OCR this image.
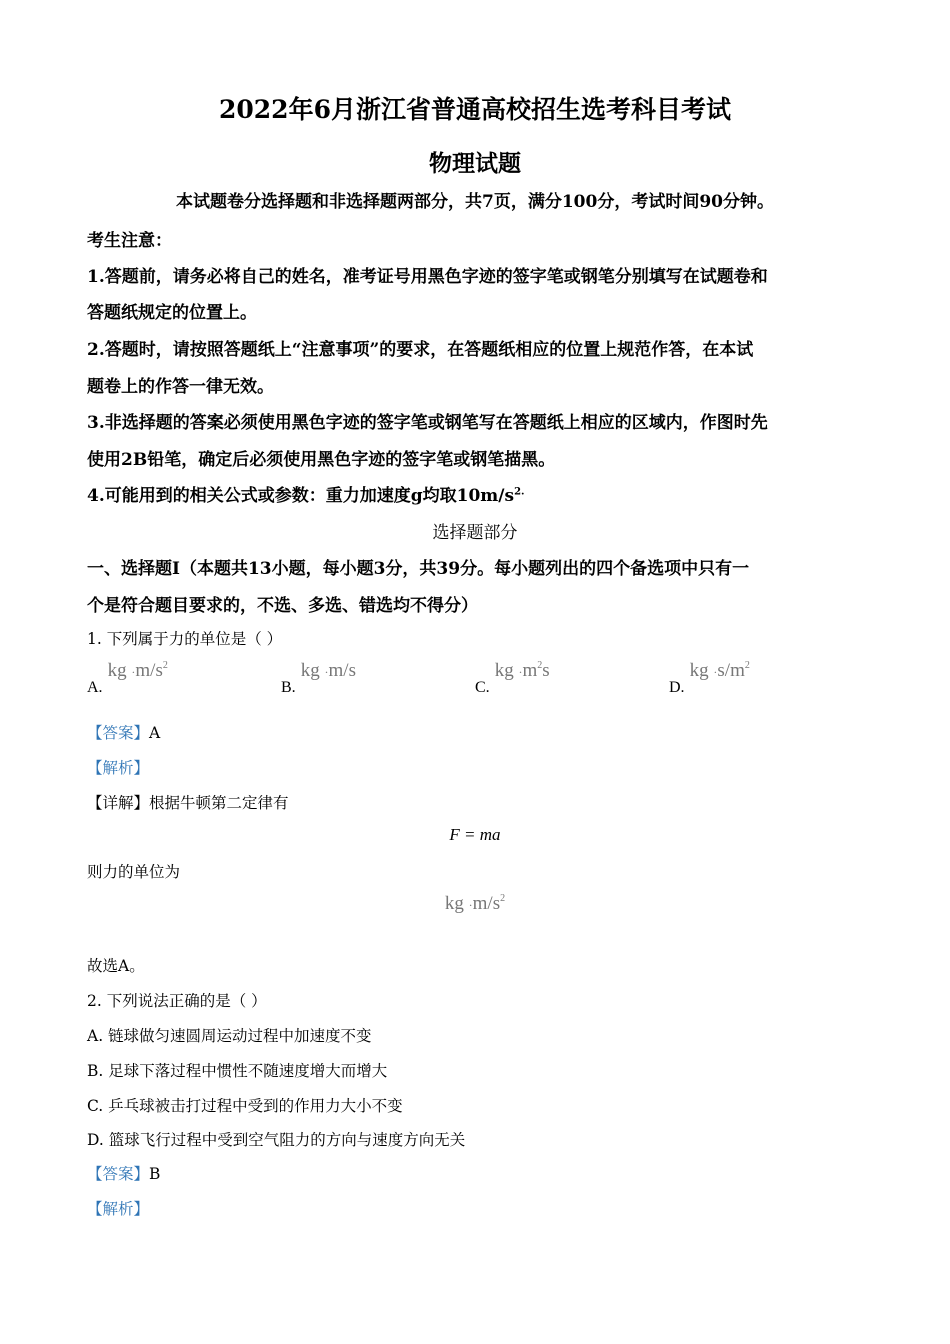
2022年6月浙江省普通高校招生选考科目考试
物理试题
本试题卷分选择题和非选择题两部分，共7页，满分100分，考试时间90分钟。
考生注意：
1.答题前，请务必将自己的姓名，准考证号用黑色字迹的签字笔或钢笔分别填写在试题卷和
答题纸规定的位置上。
2.答题时，请按照答题纸上“注意事项”的要求，在答题纸相应的位置上规范作答，在本试
题卷上的作答一律无效。
3.非选择题的答案必须使用黑色字迹的签字笔或钢笔写在答题纸上相应的区域内，作图时先
使用2B铅笔，确定后必须使用黑色字迹的签字笔或钢笔描黑。
4.可能用到的相关公式或参数：重力加速度g均取$10m/s^{2.}$
选择题部分
一、选择题Ⅰ（本题共13小题，每小题3分，共39分。每小题列出的四个备选项中只有一
个是符合题目要求的，不选、多选、错选均不得分）
1. 下列属于力的单位是（ ）
A. kg $\cdot m/s^2$
B. kg ·m/s
C. kg $\cdot m^2s$
D. kg $\cdot s/m^2$
【答案】A
【解析】
【详解】根据牛顿第二定律有
F = ma
则力的单位为
kg $\cdot m/s^2$
故选A。
2. 下列说法正确的是（ ）
A. 链球做匀速圆周运动过程中加速度不变
B. 足球下落过程中惯性不随速度增大而增大
C. 乒乓球被击打过程中受到的作用力大小不变
D. 篮球飞行过程中受到空气阻力的方向与速度方向无关
【答案】B
【解析】
